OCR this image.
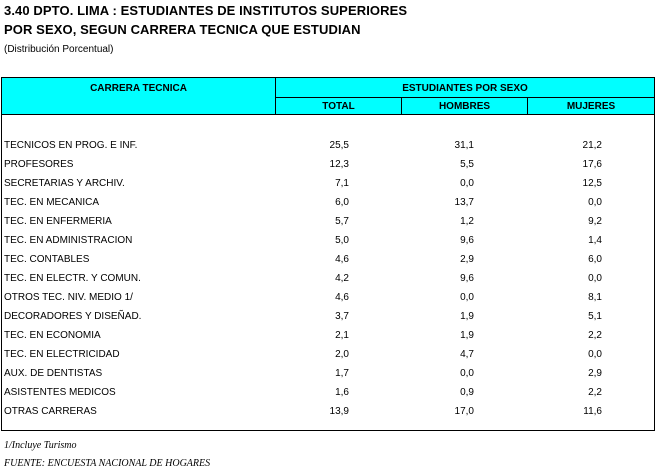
3.40 DPTO. LIMA : ESTUDIANTES DE INSTITUTOS SUPERIORES
POR SEXO, SEGUN CARRERA TECNICA QUE ESTUDIAN
(Distribución Porcentual)
CARRERA TECNICA	ESTUDIANTES POR SEXO
TOTAL	HOMBRES	MUJERES
TECNICOS EN PROG. E INF.	25,5	31,1	21,2
PROFESORES	12,3	5,5	17,6
SECRETARIAS Y ARCHIV.	7,1	0,0	12,5
TEC. EN MECANICA	6,0	13,7	0,0
TEC. EN ENFERMERIA	5,7	1,2	9,2
TEC. EN ADMINISTRACION	5,0	9,6	1,4
TEC. CONTABLES	4,6	2,9	6,0
TEC. EN ELECTR. Y COMUN.	4,2	9,6	0,0
OTROS TEC. NIV. MEDIO 1/	4,6	0,0	8,1
DECORADORES Y DISEÑAD.	3,7	1,9	5,1
TEC. EN ECONOMIA	2,1	1,9	2,2
TEC. EN ELECTRICIDAD	2,0	4,7	0,0
AUX. DE DENTISTAS	1,7	0,0	2,9
ASISTENTES MEDICOS	1,6	0,9	2,2
OTRAS CARRERAS	13,9	17,0	11,6
1/Incluye Turismo
FUENTE: ENCUESTA NACIONAL DE HOGARES
